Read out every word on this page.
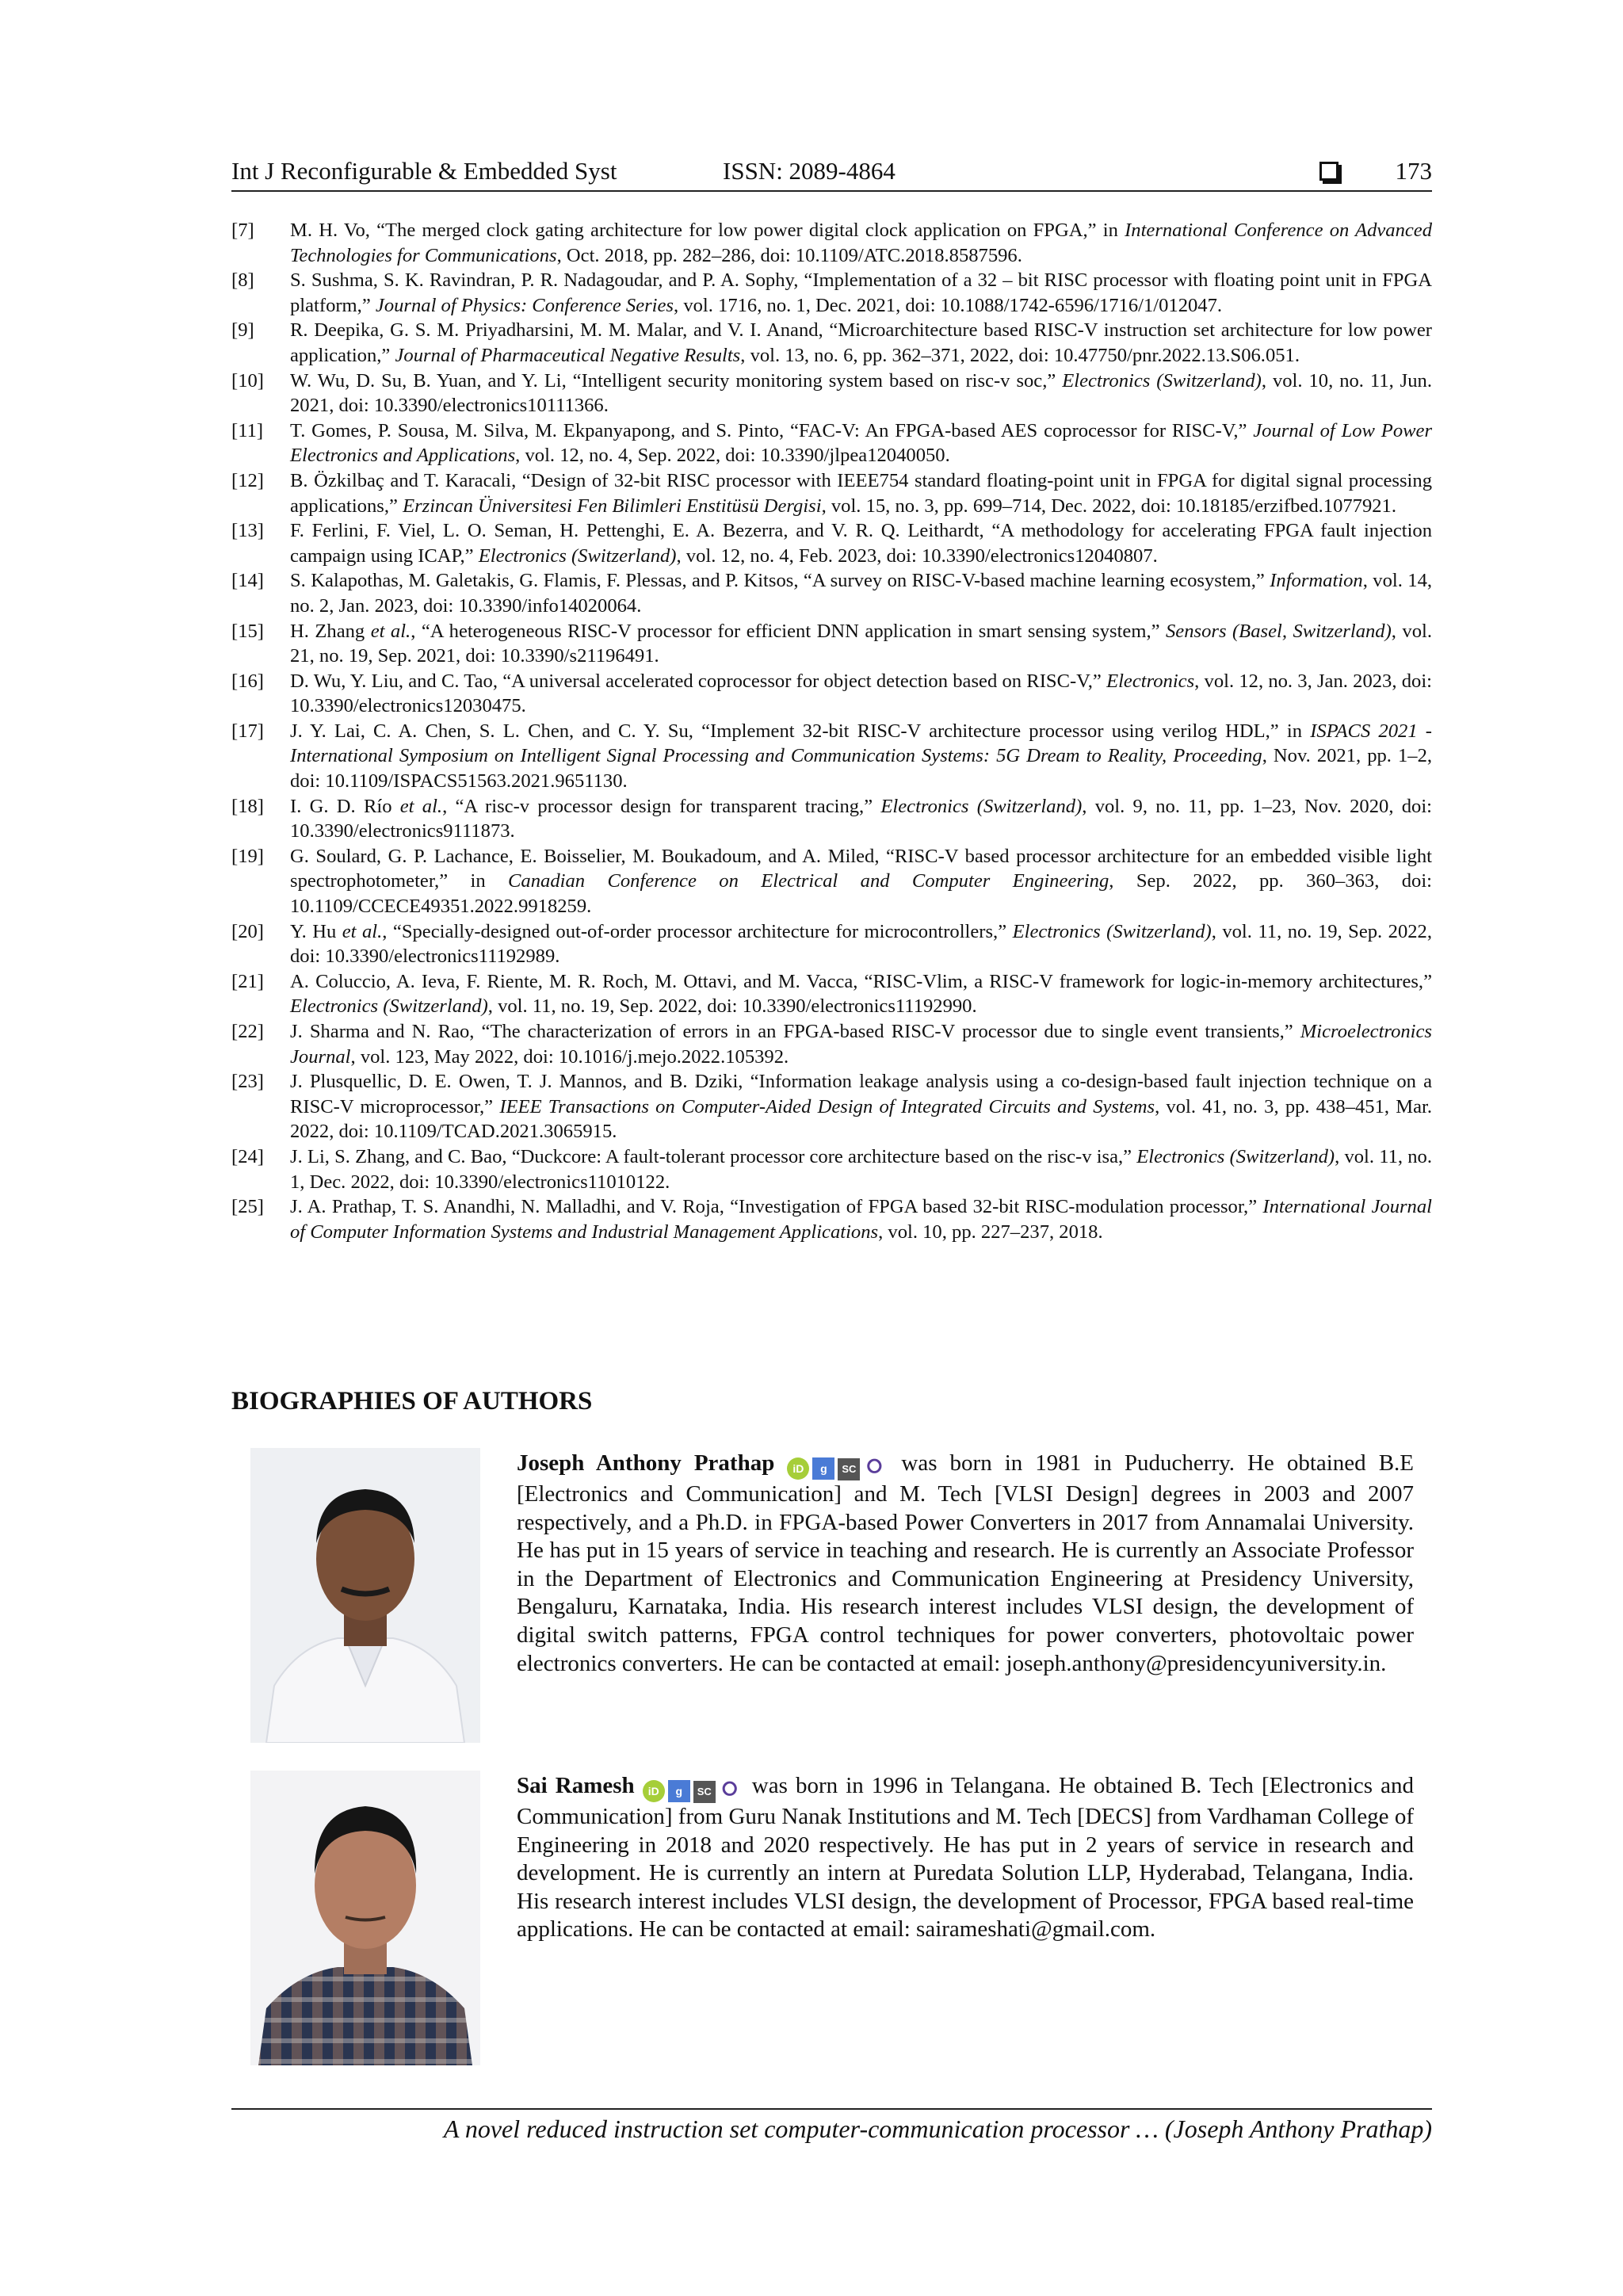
Int J Reconfigurable & Embedded Syst	ISSN: 2089-4864	173
[7] M. H. Vo, “The merged clock gating architecture for low power digital clock application on FPGA,” in International Conference on Advanced Technologies for Communications, Oct. 2018, pp. 282–286, doi: 10.1109/ATC.2018.8587596.
[8] S. Sushma, S. K. Ravindran, P. R. Nadagoudar, and P. A. Sophy, “Implementation of a 32 – bit RISC processor with floating point unit in FPGA platform,” Journal of Physics: Conference Series, vol. 1716, no. 1, Dec. 2021, doi: 10.1088/1742-6596/1716/1/012047.
[9] R. Deepika, G. S. M. Priyadharsini, M. M. Malar, and V. I. Anand, “Microarchitecture based RISC-V instruction set architecture for low power application,” Journal of Pharmaceutical Negative Results, vol. 13, no. 6, pp. 362–371, 2022, doi: 10.47750/pnr.2022.13.S06.051.
[10] W. Wu, D. Su, B. Yuan, and Y. Li, “Intelligent security monitoring system based on risc-v soc,” Electronics (Switzerland), vol. 10, no. 11, Jun. 2021, doi: 10.3390/electronics10111366.
[11] T. Gomes, P. Sousa, M. Silva, M. Ekpanyapong, and S. Pinto, “FAC-V: An FPGA-based AES coprocessor for RISC-V,” Journal of Low Power Electronics and Applications, vol. 12, no. 4, Sep. 2022, doi: 10.3390/jlpea12040050.
[12] B. Özkilbaç and T. Karacali, “Design of 32-bit RISC processor with IEEE754 standard floating-point unit in FPGA for digital signal processing applications,” Erzincan Üniversitesi Fen Bilimleri Enstitüsü Dergisi, vol. 15, no. 3, pp. 699–714, Dec. 2022, doi: 10.18185/erzifbed.1077921.
[13] F. Ferlini, F. Viel, L. O. Seman, H. Pettenghi, E. A. Bezerra, and V. R. Q. Leithardt, “A methodology for accelerating FPGA fault injection campaign using ICAP,” Electronics (Switzerland), vol. 12, no. 4, Feb. 2023, doi: 10.3390/electronics12040807.
[14] S. Kalapothas, M. Galetakis, G. Flamis, F. Plessas, and P. Kitsos, “A survey on RISC-V-based machine learning ecosystem,” Information, vol. 14, no. 2, Jan. 2023, doi: 10.3390/info14020064.
[15] H. Zhang et al., “A heterogeneous RISC-V processor for efficient DNN application in smart sensing system,” Sensors (Basel, Switzerland), vol. 21, no. 19, Sep. 2021, doi: 10.3390/s21196491.
[16] D. Wu, Y. Liu, and C. Tao, “A universal accelerated coprocessor for object detection based on RISC-V,” Electronics, vol. 12, no. 3, Jan. 2023, doi: 10.3390/electronics12030475.
[17] J. Y. Lai, C. A. Chen, S. L. Chen, and C. Y. Su, “Implement 32-bit RISC-V architecture processor using verilog HDL,” in ISPACS 2021 - International Symposium on Intelligent Signal Processing and Communication Systems: 5G Dream to Reality, Proceeding, Nov. 2021, pp. 1–2, doi: 10.1109/ISPACS51563.2021.9651130.
[18] I. G. D. Río et al., “A risc-v processor design for transparent tracing,” Electronics (Switzerland), vol. 9, no. 11, pp. 1–23, Nov. 2020, doi: 10.3390/electronics9111873.
[19] G. Soulard, G. P. Lachance, E. Boisselier, M. Boukadoum, and A. Miled, “RISC-V based processor architecture for an embedded visible light spectrophotometer,” in Canadian Conference on Electrical and Computer Engineering, Sep. 2022, pp. 360–363, doi: 10.1109/CCECE49351.2022.9918259.
[20] Y. Hu et al., “Specially-designed out-of-order processor architecture for microcontrollers,” Electronics (Switzerland), vol. 11, no. 19, Sep. 2022, doi: 10.3390/electronics11192989.
[21] A. Coluccio, A. Ieva, F. Riente, M. R. Roch, M. Ottavi, and M. Vacca, “RISC-Vlim, a RISC-V framework for logic-in-memory architectures,” Electronics (Switzerland), vol. 11, no. 19, Sep. 2022, doi: 10.3390/electronics11192990.
[22] J. Sharma and N. Rao, “The characterization of errors in an FPGA-based RISC-V processor due to single event transients,” Microelectronics Journal, vol. 123, May 2022, doi: 10.1016/j.mejo.2022.105392.
[23] J. Plusquellic, D. E. Owen, T. J. Mannos, and B. Dziki, “Information leakage analysis using a co-design-based fault injection technique on a RISC-V microprocessor,” IEEE Transactions on Computer-Aided Design of Integrated Circuits and Systems, vol. 41, no. 3, pp. 438–451, Mar. 2022, doi: 10.1109/TCAD.2021.3065915.
[24] J. Li, S. Zhang, and C. Bao, “Duckcore: A fault-tolerant processor core architecture based on the risc-v isa,” Electronics (Switzerland), vol. 11, no. 1, Dec. 2022, doi: 10.3390/electronics11010122.
[25] J. A. Prathap, T. S. Anandhi, N. Malladhi, and V. Roja, “Investigation of FPGA based 32-bit RISC-modulation processor,” International Journal of Computer Information Systems and Industrial Management Applications, vol. 10, pp. 227–237, 2018.
BIOGRAPHIES OF AUTHORS
Joseph Anthony Prathap iD g SC ⭘ was born in 1981 in Puducherry. He obtained B.E [Electronics and Communication] and M. Tech [VLSI Design] degrees in 2003 and 2007 respectively, and a Ph.D. in FPGA-based Power Converters in 2017 from Annamalai University. He has put in 15 years of service in teaching and research. He is currently an Associate Professor in the Department of Electronics and Communication Engineering at Presidency University, Bengaluru, Karnataka, India. His research interest includes VLSI design, the development of digital switch patterns, FPGA control techniques for power converters, photovoltaic power electronics converters. He can be contacted at email: joseph.anthony@presidencyuniversity.in.
Sai Ramesh iD g SC ⭘ was born in 1996 in Telangana. He obtained B. Tech [Electronics and Communication] from Guru Nanak Institutions and M. Tech [DECS] from Vardhaman College of Engineering in 2018 and 2020 respectively. He has put in 2 years of service in research and development. He is currently an intern at Puredata Solution LLP, Hyderabad, Telangana, India. His research interest includes VLSI design, the development of Processor, FPGA based real-time applications. He can be contacted at email: sairameshati@gmail.com.
A novel reduced instruction set computer-communication processor … (Joseph Anthony Prathap)
